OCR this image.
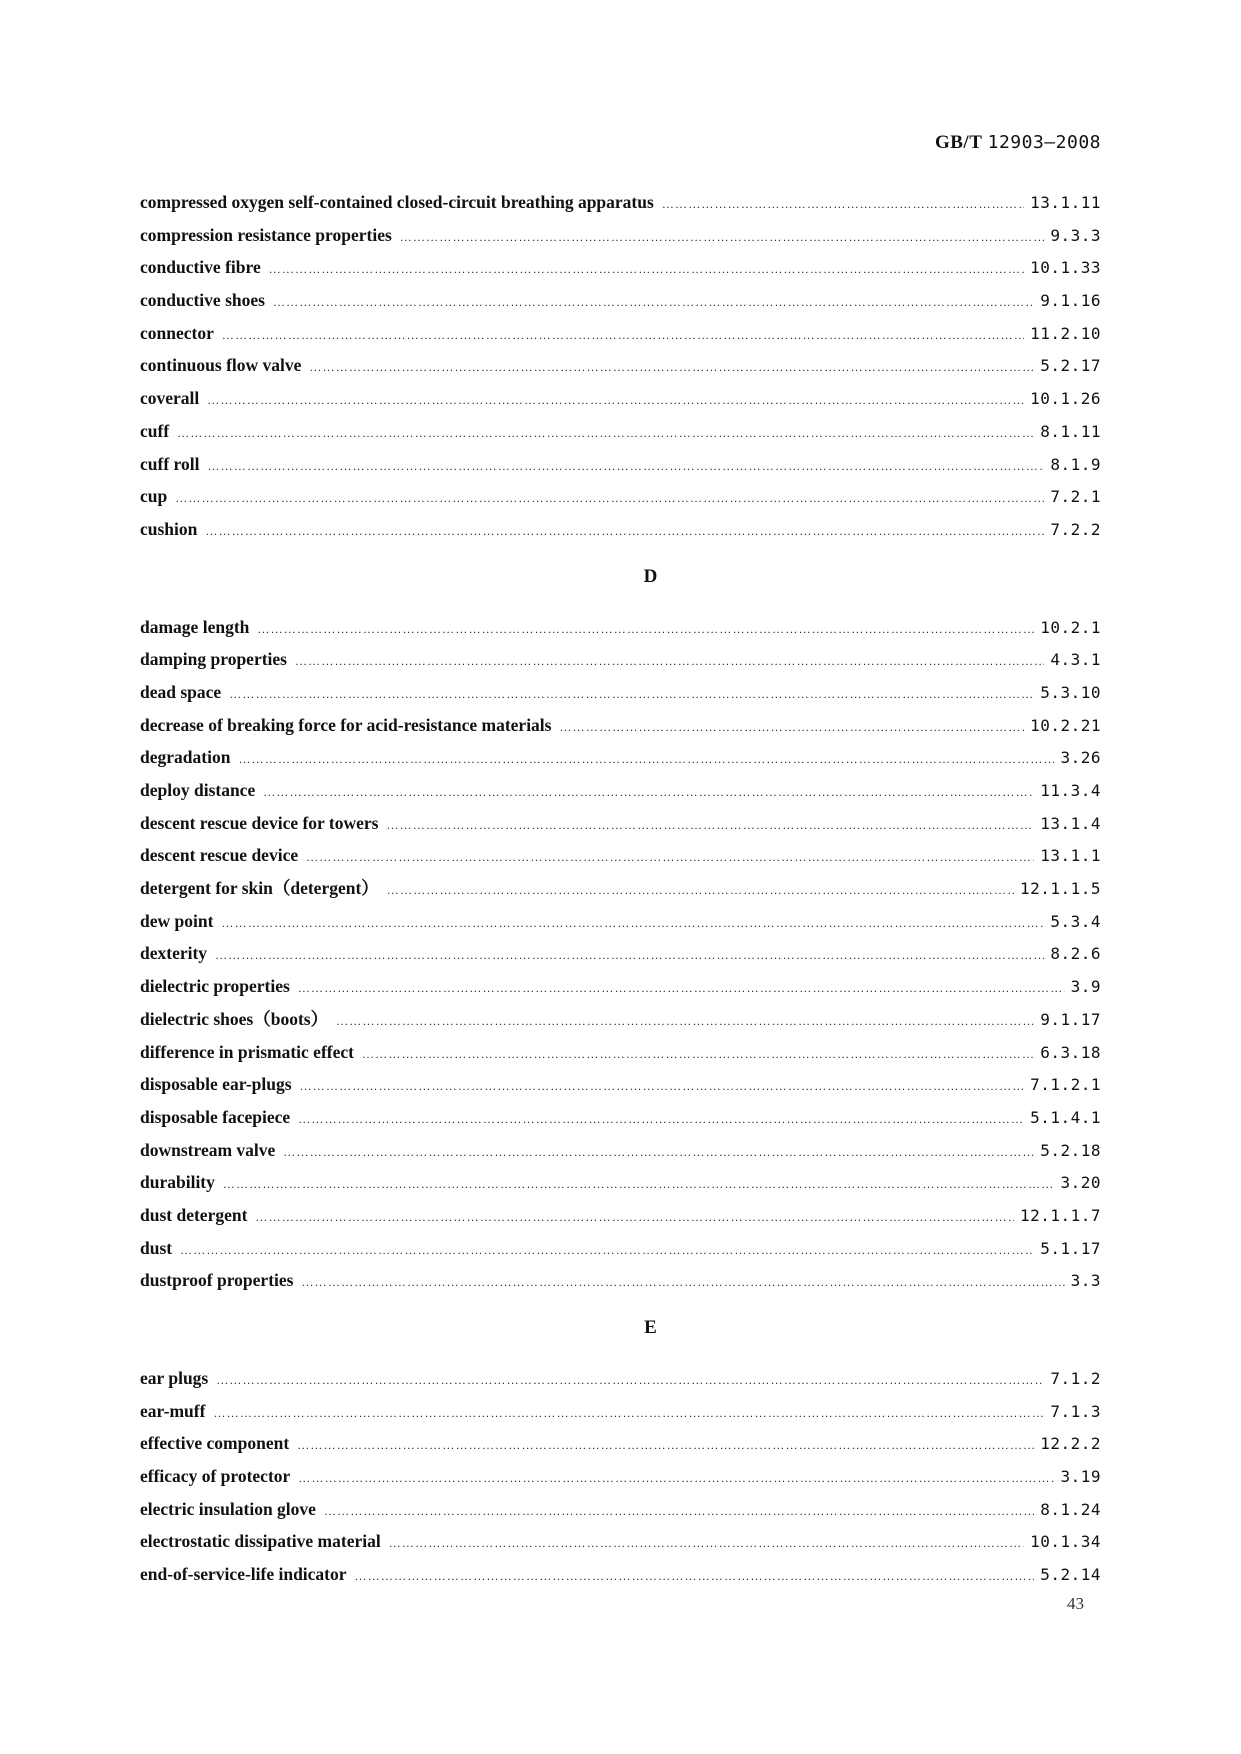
GB/T 12903—2008
compressed oxygen self-contained closed-circuit breathing apparatus ………………………………………………………………………………………………………………………………………………………………………………………………………………………………	13.1.11
compression resistance properties ………………………………………………………………………………………………………………………………………………………………………………………………………………………………	9.3.3
conductive fibre ………………………………………………………………………………………………………………………………………………………………………………………………………………………………	10.1.33
conductive shoes ………………………………………………………………………………………………………………………………………………………………………………………………………………………………	9.1.16
connector ………………………………………………………………………………………………………………………………………………………………………………………………………………………………	11.2.10
continuous flow valve ………………………………………………………………………………………………………………………………………………………………………………………………………………………………	5.2.17
coverall ………………………………………………………………………………………………………………………………………………………………………………………………………………………………	10.1.26
cuff ………………………………………………………………………………………………………………………………………………………………………………………………………………………………	8.1.11
cuff roll ………………………………………………………………………………………………………………………………………………………………………………………………………………………………	8.1.9
cup ………………………………………………………………………………………………………………………………………………………………………………………………………………………………	7.2.1
cushion ………………………………………………………………………………………………………………………………………………………………………………………………………………………………	7.2.2
D
damage length ………………………………………………………………………………………………………………………………………………………………………………………………………………………………	10.2.1
damping properties ………………………………………………………………………………………………………………………………………………………………………………………………………………………………	4.3.1
dead space ………………………………………………………………………………………………………………………………………………………………………………………………………………………………	5.3.10
decrease of breaking force for acid-resistance materials ………………………………………………………………………………………………………………………………………………………………………………………………………………………………	10.2.21
degradation ………………………………………………………………………………………………………………………………………………………………………………………………………………………………	3.26
deploy distance ………………………………………………………………………………………………………………………………………………………………………………………………………………………………	11.3.4
descent rescue device for towers ………………………………………………………………………………………………………………………………………………………………………………………………………………………………	13.1.4
descent rescue device ………………………………………………………………………………………………………………………………………………………………………………………………………………………………	13.1.1
detergent for skin（detergent） ………………………………………………………………………………………………………………………………………………………………………………………………………………………………	12.1.1.5
dew point ………………………………………………………………………………………………………………………………………………………………………………………………………………………………	5.3.4
dexterity ………………………………………………………………………………………………………………………………………………………………………………………………………………………………	8.2.6
dielectric properties ………………………………………………………………………………………………………………………………………………………………………………………………………………………………	3.9
dielectric shoes（boots） ………………………………………………………………………………………………………………………………………………………………………………………………………………………………	9.1.17
difference in prismatic effect ………………………………………………………………………………………………………………………………………………………………………………………………………………………………	6.3.18
disposable ear-plugs ………………………………………………………………………………………………………………………………………………………………………………………………………………………………	7.1.2.1
disposable facepiece ………………………………………………………………………………………………………………………………………………………………………………………………………………………………	5.1.4.1
downstream valve ………………………………………………………………………………………………………………………………………………………………………………………………………………………………	5.2.18
durability ………………………………………………………………………………………………………………………………………………………………………………………………………………………………	3.20
dust detergent ………………………………………………………………………………………………………………………………………………………………………………………………………………………………	12.1.1.7
dust ………………………………………………………………………………………………………………………………………………………………………………………………………………………………	5.1.17
dustproof properties ………………………………………………………………………………………………………………………………………………………………………………………………………………………………	3.3
E
ear plugs ………………………………………………………………………………………………………………………………………………………………………………………………………………………………	7.1.2
ear-muff ………………………………………………………………………………………………………………………………………………………………………………………………………………………………	7.1.3
effective component ………………………………………………………………………………………………………………………………………………………………………………………………………………………………	12.2.2
efficacy of protector ………………………………………………………………………………………………………………………………………………………………………………………………………………………………	3.19
electric insulation glove ………………………………………………………………………………………………………………………………………………………………………………………………………………………………	8.1.24
electrostatic dissipative material ………………………………………………………………………………………………………………………………………………………………………………………………………………………………	10.1.34
end-of-service-life indicator ………………………………………………………………………………………………………………………………………………………………………………………………………………………………	5.2.14
43
